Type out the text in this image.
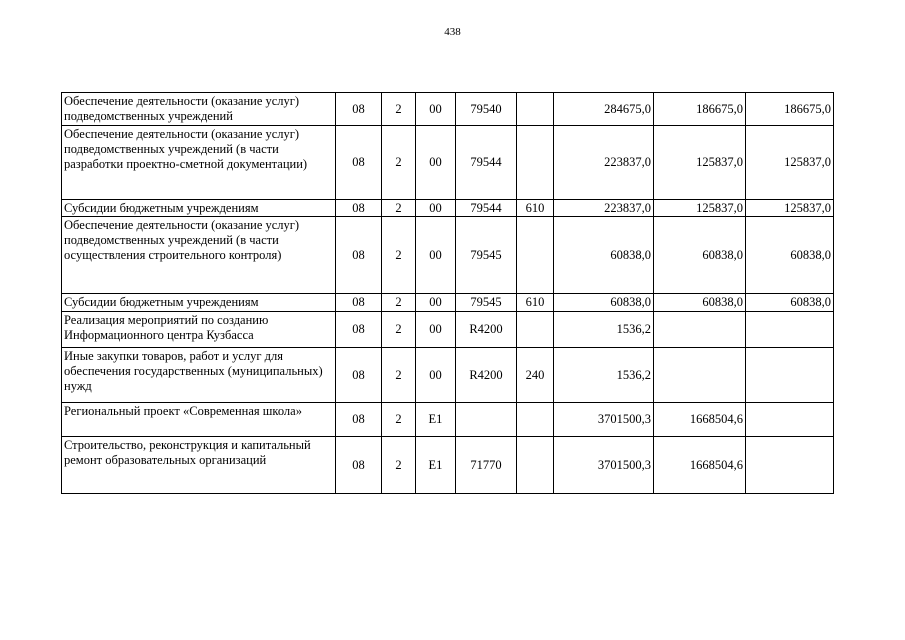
438
Обеспечение деятельности (оказание услуг) подведомственных учреждений	08	2	00	79540		284675,0	186675,0	186675,0
Обеспечение деятельности (оказание услуг) подведомственных учреждений (в части разработки проектно-сметной документации)	08	2	00	79544		223837,0	125837,0	125837,0
Субсидии бюджетным учреждениям	08	2	00	79544	610	223837,0	125837,0	125837,0
Обеспечение деятельности (оказание услуг) подведомственных учреждений (в части осуществления строительного контроля)	08	2	00	79545		60838,0	60838,0	60838,0
Субсидии бюджетным учреждениям	08	2	00	79545	610	60838,0	60838,0	60838,0
Реализация мероприятий по созданию Информационного центра Кузбасса	08	2	00	R4200		1536,2		
Иные закупки товаров, работ и услуг для обеспечения государственных (муниципальных) нужд	08	2	00	R4200	240	1536,2		
Региональный проект «Современная школа»	08	2	E1			3701500,3	1668504,6	
Строительство, реконструкция и капитальный ремонт образовательных организаций	08	2	E1	71770		3701500,3	1668504,6	
